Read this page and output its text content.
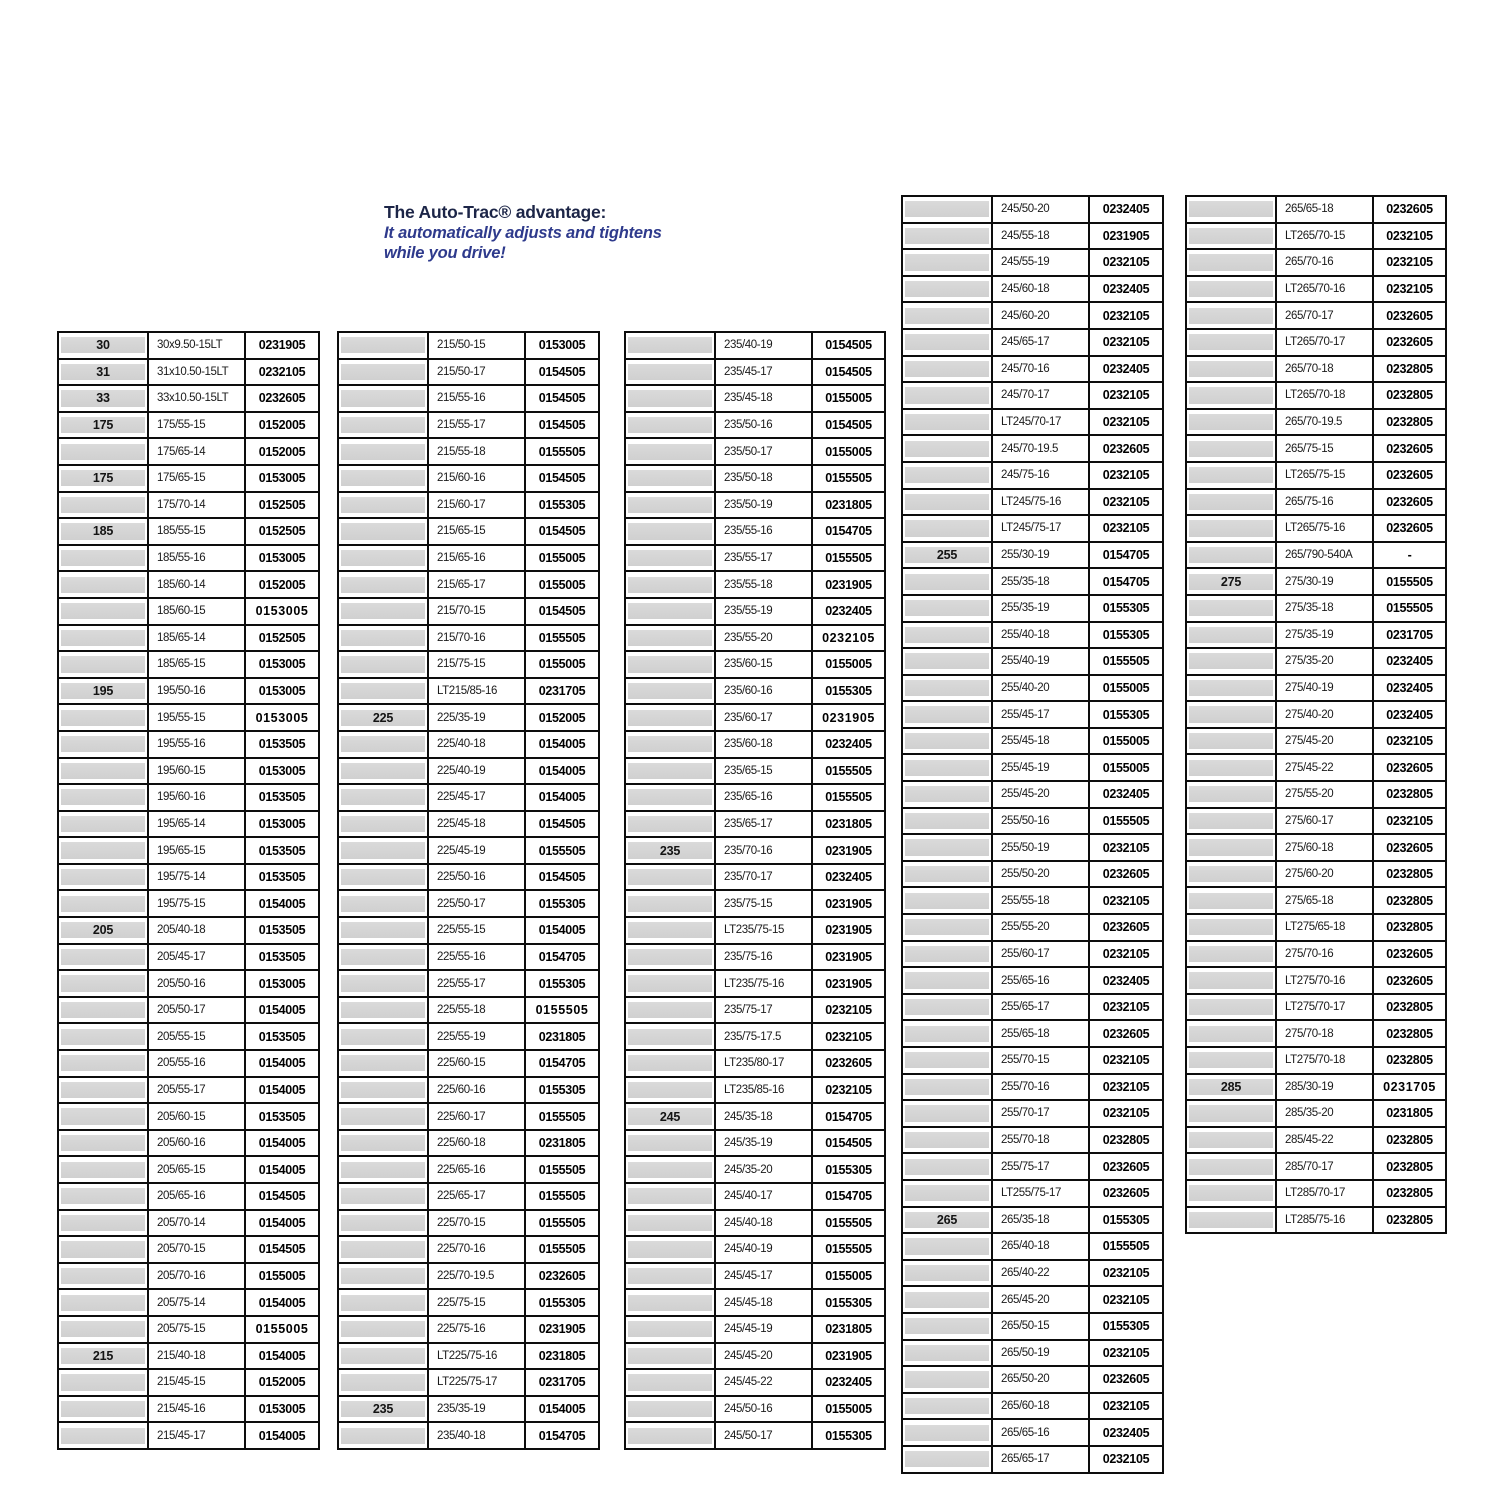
The Auto-Trac® advantage:
It automatically adjusts and tightens
while you drive!
30	30x9.50-15LT	0231905

31	31x10.50-15LT	0232105

33	33x10.50-15LT	0232605

175	175/55-15	0152005

	175/65-14	0152005

175	175/65-15	0153005

	175/70-14	0152505

185	185/55-15	0152505

	185/55-16	0153005

	185/60-14	0152005

	185/60-15	0153005

	185/65-14	0152505

	185/65-15	0153005

195	195/50-16	0153005

	195/55-15	0153005

	195/55-16	0153505

	195/60-15	0153005

	195/60-16	0153505

	195/65-14	0153005

	195/65-15	0153505

	195/75-14	0153505

	195/75-15	0154005

205	205/40-18	0153505

	205/45-17	0153505

	205/50-16	0153005

	205/50-17	0154005

	205/55-15	0153505

	205/55-16	0154005

	205/55-17	0154005

	205/60-15	0153505

	205/60-16	0154005

	205/65-15	0154005

	205/65-16	0154505

	205/70-14	0154005

	205/70-15	0154505

	205/70-16	0155005

	205/75-14	0154005

	205/75-15	0155005

215	215/40-18	0154005

	215/45-15	0152005

	215/45-16	0153005

	215/45-17	0154005
	215/50-15	0153005

	215/50-17	0154505

	215/55-16	0154505

	215/55-17	0154505

	215/55-18	0155505

	215/60-16	0154505

	215/60-17	0155305

	215/65-15	0154505

	215/65-16	0155005

	215/65-17	0155005

	215/70-15	0154505

	215/70-16	0155505

	215/75-15	0155005

	LT215/85-16	0231705

225	225/35-19	0152005

	225/40-18	0154005

	225/40-19	0154005

	225/45-17	0154005

	225/45-18	0154505

	225/45-19	0155505

	225/50-16	0154505

	225/50-17	0155305

	225/55-15	0154005

	225/55-16	0154705

	225/55-17	0155305

	225/55-18	0155505

	225/55-19	0231805

	225/60-15	0154705

	225/60-16	0155305

	225/60-17	0155505

	225/60-18	0231805

	225/65-16	0155505

	225/65-17	0155505

	225/70-15	0155505

	225/70-16	0155505

	225/70-19.5	0232605

	225/75-15	0155305

	225/75-16	0231905

	LT225/75-16	0231805

	LT225/75-17	0231705

235	235/35-19	0154005

	235/40-18	0154705
	235/40-19	0154505

	235/45-17	0154505

	235/45-18	0155005

	235/50-16	0154505

	235/50-17	0155005

	235/50-18	0155505

	235/50-19	0231805

	235/55-16	0154705

	235/55-17	0155505

	235/55-18	0231905

	235/55-19	0232405

	235/55-20	0232105

	235/60-15	0155005

	235/60-16	0155305

	235/60-17	0231905

	235/60-18	0232405

	235/65-15	0155505

	235/65-16	0155505

	235/65-17	0231805

235	235/70-16	0231905

	235/70-17	0232405

	235/75-15	0231905

	LT235/75-15	0231905

	235/75-16	0231905

	LT235/75-16	0231905

	235/75-17	0232105

	235/75-17.5	0232105

	LT235/80-17	0232605

	LT235/85-16	0232105

245	245/35-18	0154705

	245/35-19	0154505

	245/35-20	0155305

	245/40-17	0154705

	245/40-18	0155505

	245/40-19	0155505

	245/45-17	0155005

	245/45-18	0155305

	245/45-19	0231805

	245/45-20	0231905

	245/45-22	0232405

	245/50-16	0155005

	245/50-17	0155305
	245/50-20	0232405

	245/55-18	0231905

	245/55-19	0232105

	245/60-18	0232405

	245/60-20	0232105

	245/65-17	0232105

	245/70-16	0232405

	245/70-17	0232105

	LT245/70-17	0232105

	245/70-19.5	0232605

	245/75-16	0232105

	LT245/75-16	0232105

	LT245/75-17	0232105

255	255/30-19	0154705

	255/35-18	0154705

	255/35-19	0155305

	255/40-18	0155305

	255/40-19	0155505

	255/40-20	0155005

	255/45-17	0155305

	255/45-18	0155005

	255/45-19	0155005

	255/45-20	0232405

	255/50-16	0155505

	255/50-19	0232105

	255/50-20	0232605

	255/55-18	0232105

	255/55-20	0232605

	255/60-17	0232105

	255/65-16	0232405

	255/65-17	0232105

	255/65-18	0232605

	255/70-15	0232105

	255/70-16	0232105

	255/70-17	0232105

	255/70-18	0232805

	255/75-17	0232605

	LT255/75-17	0232605

265	265/35-18	0155305

	265/40-18	0155505

	265/40-22	0232105

	265/45-20	0232105

	265/50-15	0155305

	265/50-19	0232105

	265/50-20	0232605

	265/60-18	0232105

	265/65-16	0232405

	265/65-17	0232105
	265/65-18	0232605

	LT265/70-15	0232105

	265/70-16	0232105

	LT265/70-16	0232105

	265/70-17	0232605

	LT265/70-17	0232605

	265/70-18	0232805

	LT265/70-18	0232805

	265/70-19.5	0232805

	265/75-15	0232605

	LT265/75-15	0232605

	265/75-16	0232605

	LT265/75-16	0232605

	265/790-540A	-

275	275/30-19	0155505

	275/35-18	0155505

	275/35-19	0231705

	275/35-20	0232405

	275/40-19	0232405

	275/40-20	0232405

	275/45-20	0232105

	275/45-22	0232605

	275/55-20	0232805

	275/60-17	0232105

	275/60-18	0232605

	275/60-20	0232805

	275/65-18	0232805

	LT275/65-18	0232805

	275/70-16	0232605

	LT275/70-16	0232605

	LT275/70-17	0232805

	275/70-18	0232805

	LT275/70-18	0232805

285	285/30-19	0231705

	285/35-20	0231805

	285/45-22	0232805

	285/70-17	0232805

	LT285/70-17	0232805

	LT285/75-16	0232805
